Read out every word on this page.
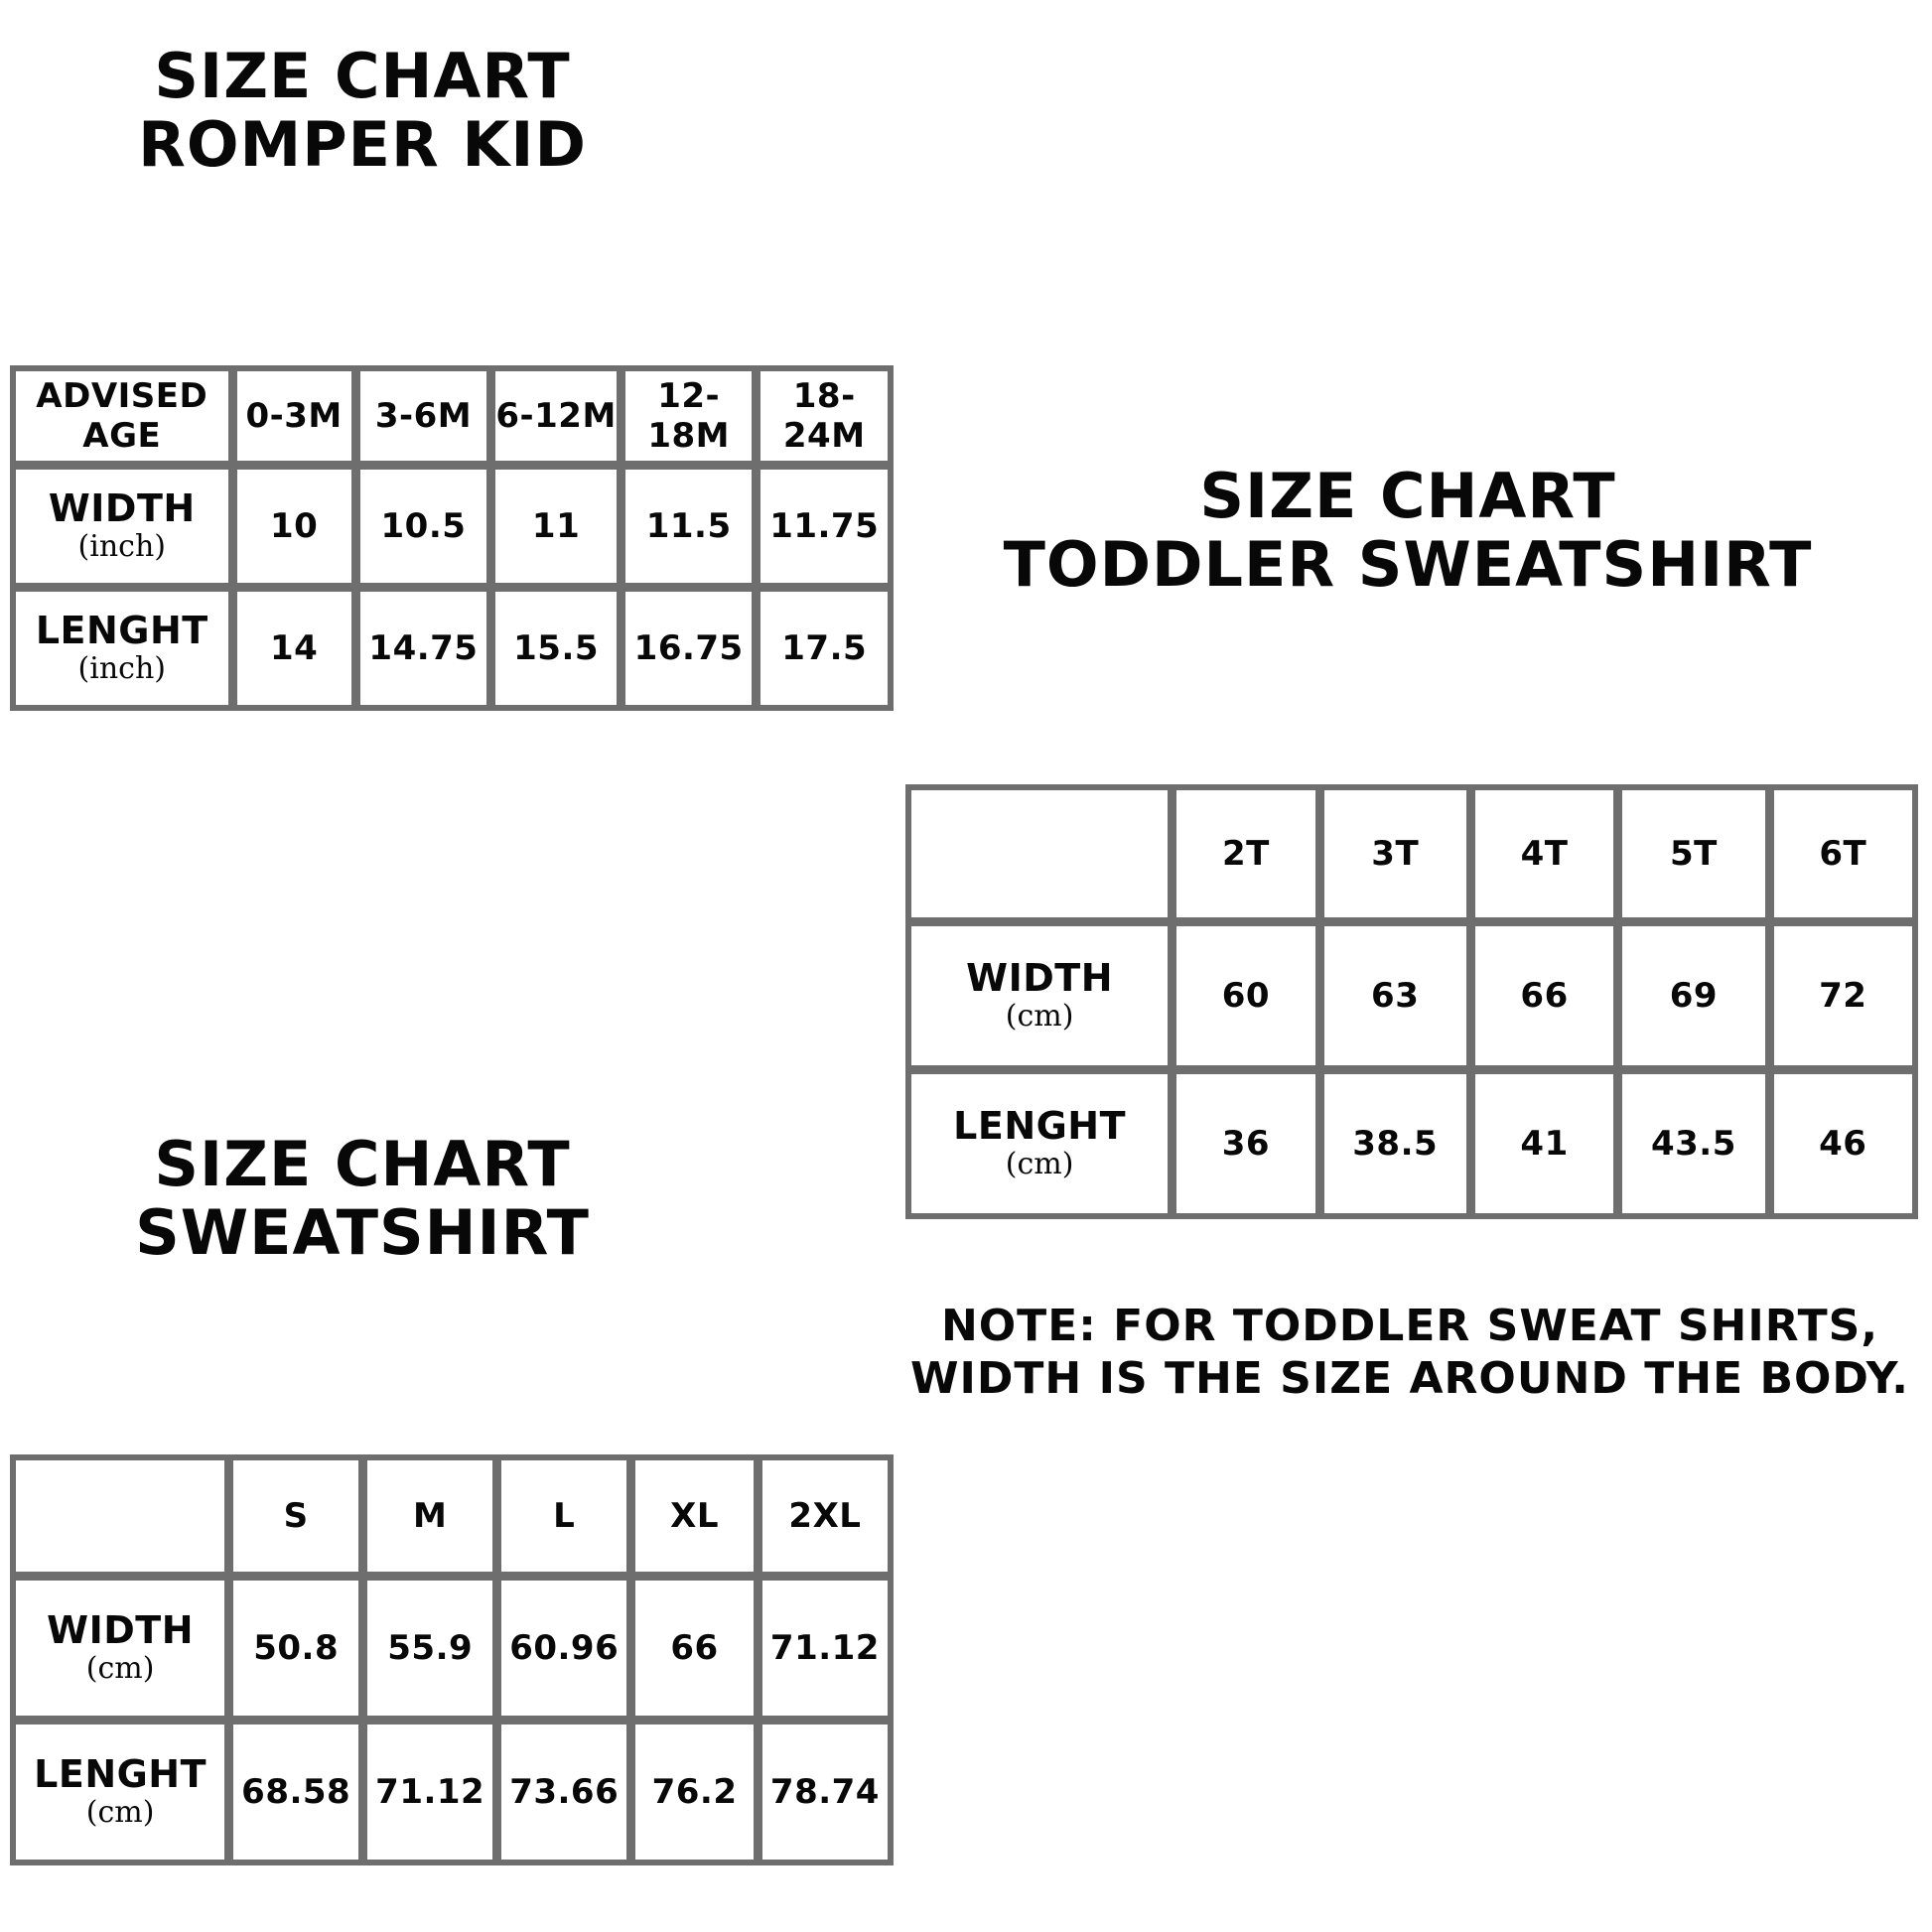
SIZE CHART
ROMPER KID
ADVISED AGE	0-3M	3-6M	6-12M	12-18M	18-24M
WIDTH
(inch)	10	10.5	11	11.5	11.75
LENGHT
(inch)	14	14.75	15.5	16.75	17.5
SIZE CHART
TODDLER SWEATSHIRT
	2T	3T	4T	5T	6T
WIDTH
(cm)	60	63	66	69	72
LENGHT
(cm)	36	38.5	41	43.5	46
NOTE: FOR TODDLER SWEAT SHIRTS,
WIDTH IS THE SIZE AROUND THE BODY.
SIZE CHART
SWEATSHIRT
	S	M	L	XL	2XL
WIDTH
(cm)	50.8	55.9	60.96	66	71.12
LENGHT
(cm)	68.58	71.12	73.66	76.2	78.74
